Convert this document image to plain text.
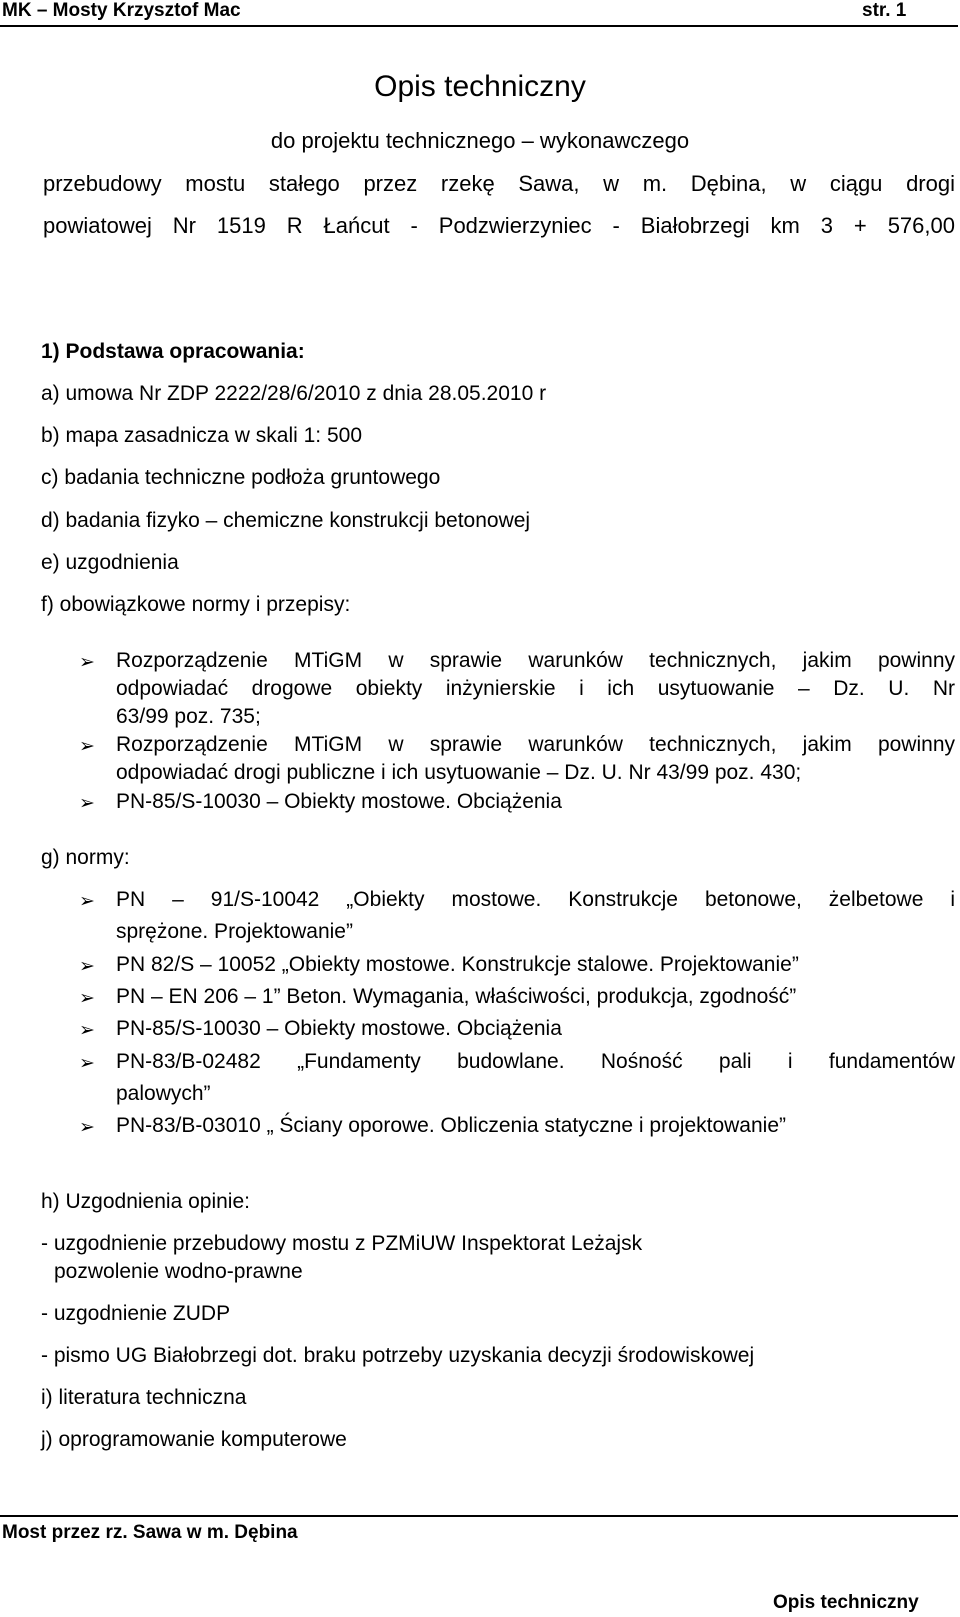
MK – Mosty Krzysztof Mac	str. 1
Opis techniczny
do projektu technicznego – wykonawczego
przebudowy mostu stałego przez rzekę Sawa, w m. Dębina, w ciągu drogi
powiatowej Nr 1519 R Łańcut - Podzwierzyniec - Białobrzegi km 3 + 576,00
1) Podstawa opracowania:
a) umowa Nr ZDP 2222/28/6/2010 z dnia 28.05.2010 r
b) mapa zasadnicza w skali 1: 500
c) badania techniczne podłoża gruntowego
d) badania fizyko – chemiczne konstrukcji betonowej
e) uzgodnienia
f) obowiązkowe normy i przepisy:
➢ Rozporządzenie MTiGM w sprawie warunków technicznych, jakim powinny
odpowiadać drogowe obiekty inżynierskie i ich usytuowanie – Dz. U. Nr
63/99 poz. 735;
➢ Rozporządzenie MTiGM w sprawie warunków technicznych, jakim powinny
odpowiadać drogi publiczne i ich usytuowanie – Dz. U. Nr 43/99 poz. 430;
➢ PN-85/S-10030 – Obiekty mostowe. Obciążenia
g) normy:
➢ PN – 91/S-10042 „Obiekty mostowe. Konstrukcje betonowe, żelbetowe i
sprężone. Projektowanie”
➢ PN 82/S – 10052 „Obiekty mostowe. Konstrukcje stalowe. Projektowanie”
➢ PN – EN 206 – 1” Beton. Wymagania, właściwości, produkcja, zgodność”
➢ PN-85/S-10030 – Obiekty mostowe. Obciążenia
➢ PN-83/B-02482 „Fundamenty budowlane. Nośność pali i fundamentów
palowych”
➢ PN-83/B-03010 „ Ściany oporowe. Obliczenia statyczne i projektowanie”
h) Uzgodnienia opinie:
- uzgodnienie przebudowy mostu z PZMiUW Inspektorat Leżajsk
pozwolenie wodno-prawne
- uzgodnienie ZUDP
- pismo UG Białobrzegi dot. braku potrzeby uzyskania decyzji środowiskowej
i) literatura techniczna
j) oprogramowanie komputerowe
Most przez rz. Sawa w m. Dębina
Opis techniczny
